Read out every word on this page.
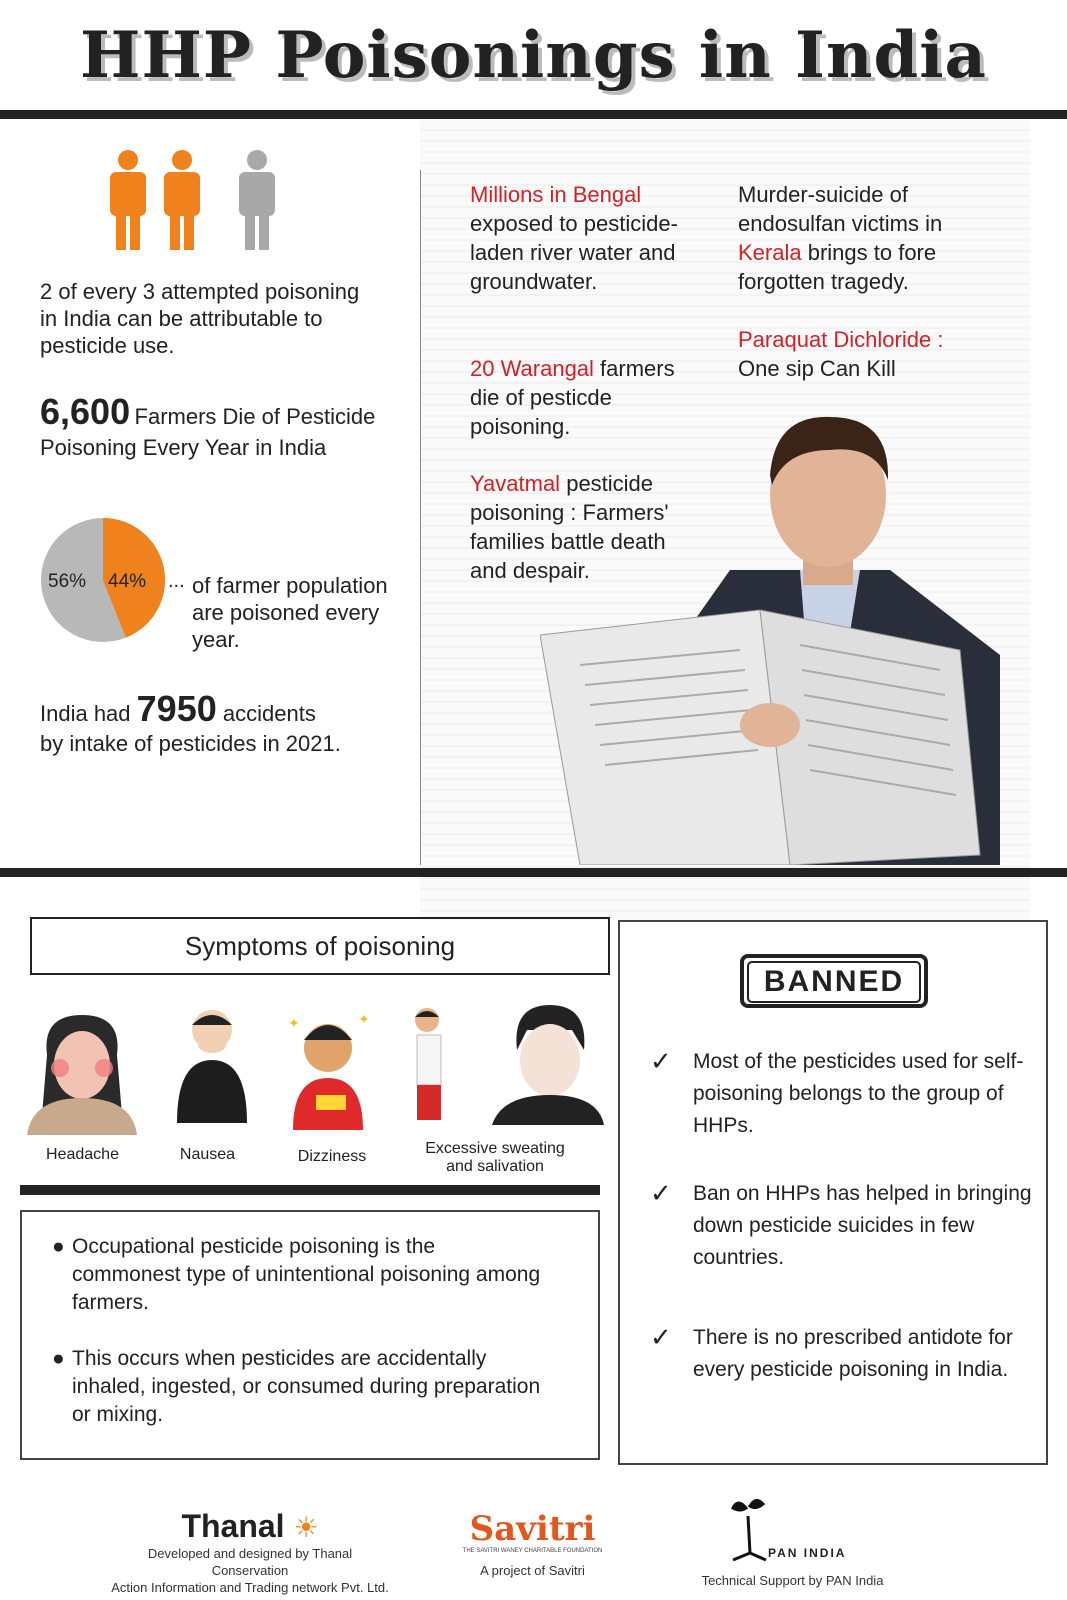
HHP Poisonings in India
2 of every 3 attempted poisoning in India can be attributable to pesticide use.
6,600 Farmers Die of Pesticide
Poisoning Every Year in India
56% 44% ... of farmer population are poisoned every year.
India had 7950 accidents
by intake of pesticides in 2021.
Millions in Bengal exposed to pesticide-laden river water and groundwater.
20 Warangal farmers die of pesticde poisoning.
Yavatmal pesticide poisoning : Farmers' families battle death and despair.
Murder-suicide of endosulfan victims in Kerala brings to fore forgotten tragedy.
Paraquat Dichloride :
One sip Can Kill
Symptoms of poisoning
✦	✦
Headache	Nausea	Dizziness	Excessive sweating and salivation
● Occupational pesticide poisoning is the commonest type of unintentional poisoning among farmers.
● This occurs when pesticides are accidentally inhaled, ingested, or consumed during preparation or mixing.
BANNED
✓ Most of the pesticides used for self-poisoning belongs to the group of HHPs.
✓ Ban on HHPs has helped in bringing down pesticide suicides in few countries.
✓ There is no prescribed antidote for every pesticide poisoning in India.
Thanal ☀
Developed and designed by Thanal Conservation
Action Information and Trading network Pvt. Ltd.
Savitri
THE SAVITRI WANEY CHARITABLE FOUNDATION
A project of Savitri
PAN INDIA
Technical Support by PAN India
